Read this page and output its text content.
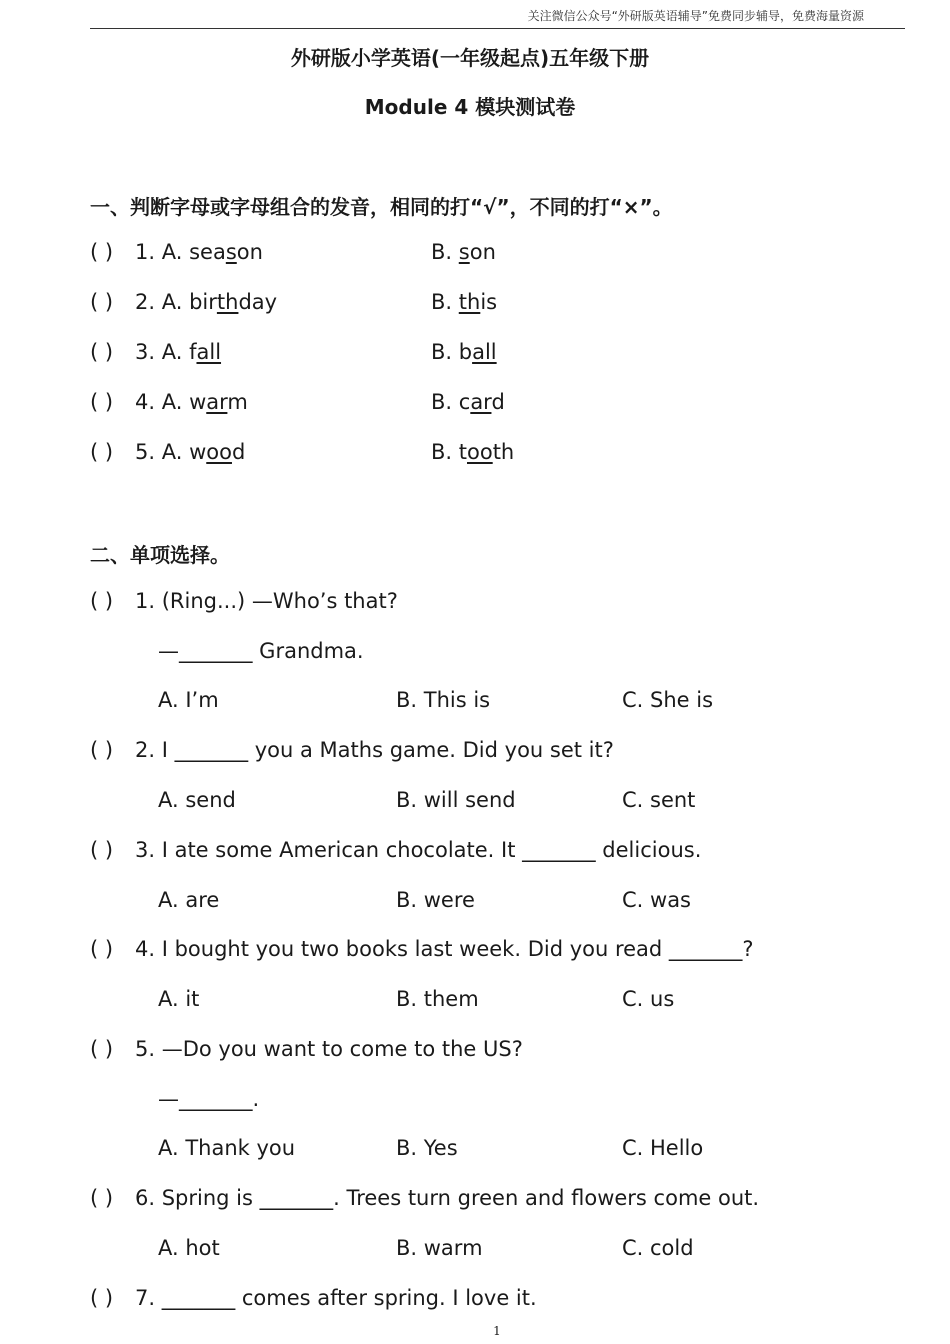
关注微信公众号“外研版英语辅导”免费同步辅导，免费海量资源
外研版小学英语(一年级起点)五年级下册
Module 4 模块测试卷
一、判断字母或字母组合的发音，相同的打“√”，不同的打“×”。
( ) 1. A. season	B. son
( ) 2. A. birthday	B. this
( ) 3. A. fall	B. ball
( ) 4. A. warm	B. card
( ) 5. A. wood	B. tooth
二、单项选择。
( ) 1. (Ring...) —Who’s that?
—_______ Grandma.
A. I’m	B. This is	C. She is
( ) 2. I _______ you a Maths game. Did you set it?
A. send	B. will send	C. sent
( ) 3. I ate some American chocolate. It _______ delicious.
A. are	B. were	C. was
( ) 4. I bought you two books last week. Did you read _______?
A. it	B. them	C. us
( ) 5. —Do you want to come to the US?
—_______.
A. Thank you	B. Yes	C. Hello
( ) 6. Spring is _______. Trees turn green and flowers come out.
A. hot	B. warm	C. cold
( ) 7. _______ comes after spring. I love it.
1
